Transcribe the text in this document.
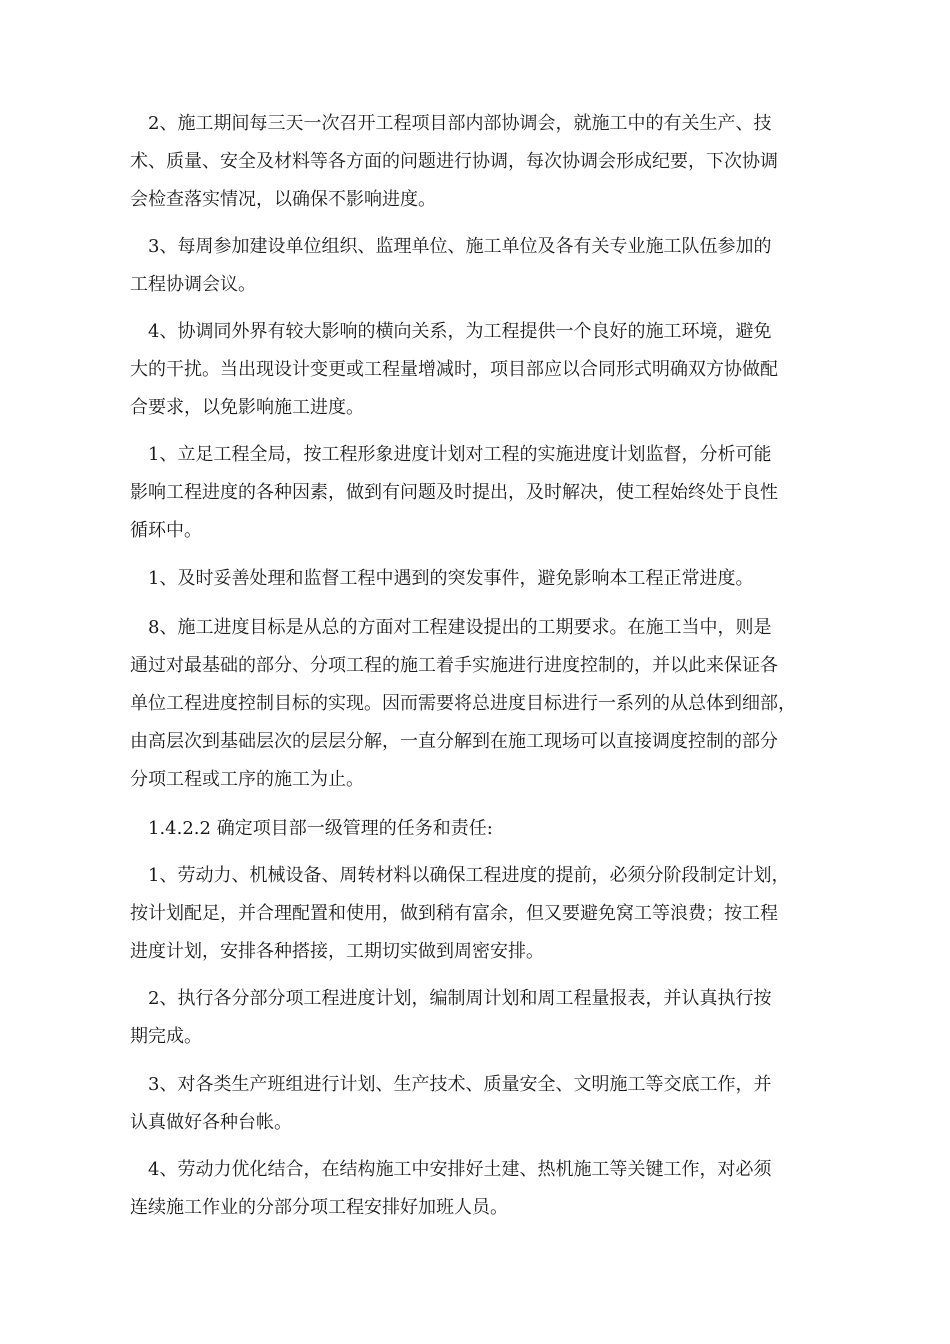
2、施工期间每三天一次召开工程项目部内部协调会，就施工中的有关生产、技
术、质量、安全及材料等各方面的问题进行协调，每次协调会形成纪要，下次协调
会检查落实情况，以确保不影响进度。

3、每周参加建设单位组织、监理单位、施工单位及各有关专业施工队伍参加的
工程协调会议。

4、协调同外界有较大影响的横向关系，为工程提供一个良好的施工环境，避免
大的干扰。当出现设计变更或工程量增减时，项目部应以合同形式明确双方协做配
合要求，以免影响施工进度。

1、立足工程全局，按工程形象进度计划对工程的实施进度计划监督，分析可能
影响工程进度的各种因素，做到有问题及时提出，及时解决，使工程始终处于良性
循环中。

1、及时妥善处理和监督工程中遇到的突发事件，避免影响本工程正常进度。

8、施工进度目标是从总的方面对工程建设提出的工期要求。在施工当中，则是
通过对最基础的部分、分项工程的施工着手实施进行进度控制的，并以此来保证各
单位工程进度控制目标的实现。因而需要将总进度目标进行一系列的从总体到细部，
由高层次到基础层次的层层分解，一直分解到在施工现场可以直接调度控制的部分
分项工程或工序的施工为止。

1.4.2.2 确定项目部一级管理的任务和责任:

1、劳动力、机械设备、周转材料以确保工程进度的提前，必须分阶段制定计划，
按计划配足，并合理配置和使用，做到稍有富余，但又要避免窝工等浪费；按工程
进度计划，安排各种搭接，工期切实做到周密安排。

2、执行各分部分项工程进度计划，编制周计划和周工程量报表，并认真执行按
期完成。

3、对各类生产班组进行计划、生产技术、质量安全、文明施工等交底工作，并
认真做好各种台帐。

4、劳动力优化结合，在结构施工中安排好土建、热机施工等关键工作，对必须
连续施工作业的分部分项工程安排好加班人员。
